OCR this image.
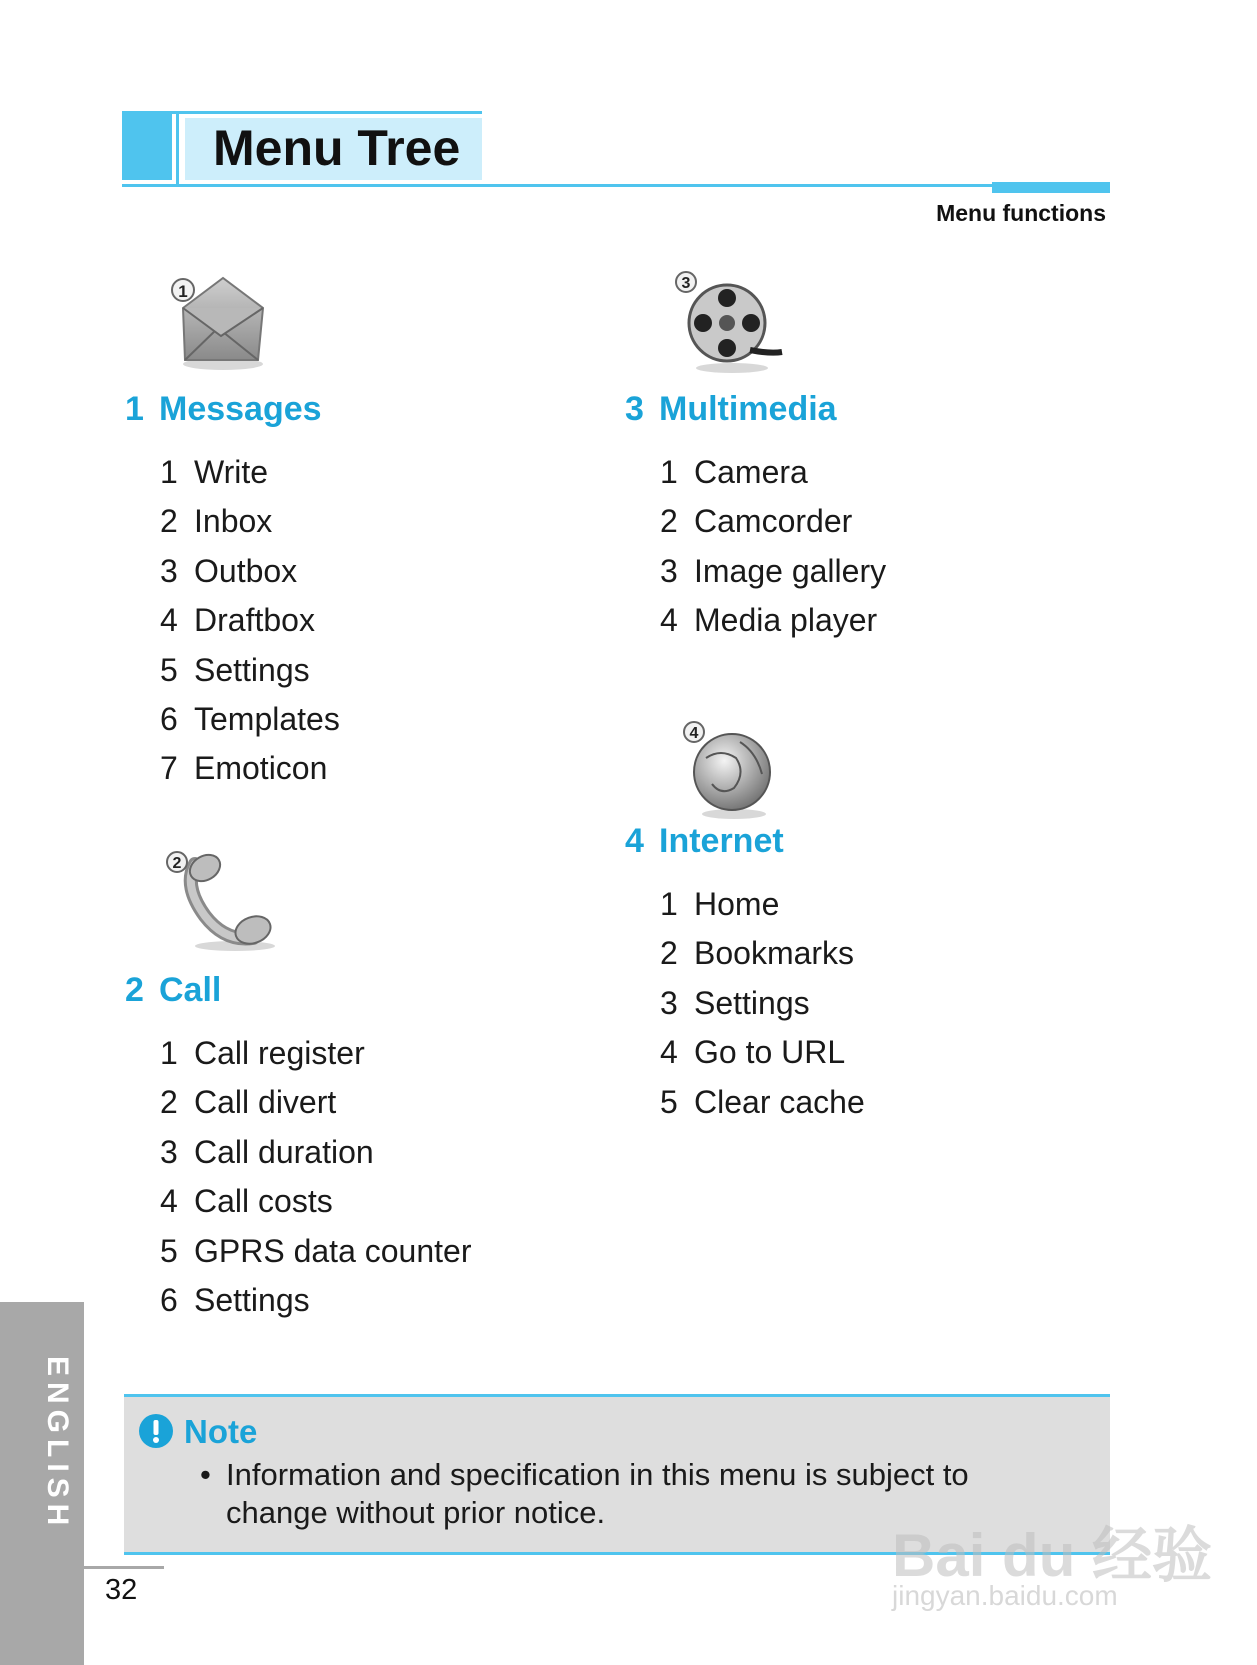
Menu Tree
Menu functions
1
1 Messages
1 Write
2 Inbox
3 Outbox
4 Draftbox
5 Settings
6 Templates
7 Emoticon
2
2 Call
1 Call register
2 Call divert
3 Call duration
4 Call costs
5 GPRS data counter
6 Settings
3
3 Multimedia
1 Camera
2 Camcorder
3 Image gallery
4 Media player
4
4 Internet
1 Home
2 Bookmarks
3 Settings
4 Go to URL
5 Clear cache
Note
• Information and specification in this menu is subject to change without prior notice.
ENGLISH
32
Bai du 经验
jingyan.baidu.com
